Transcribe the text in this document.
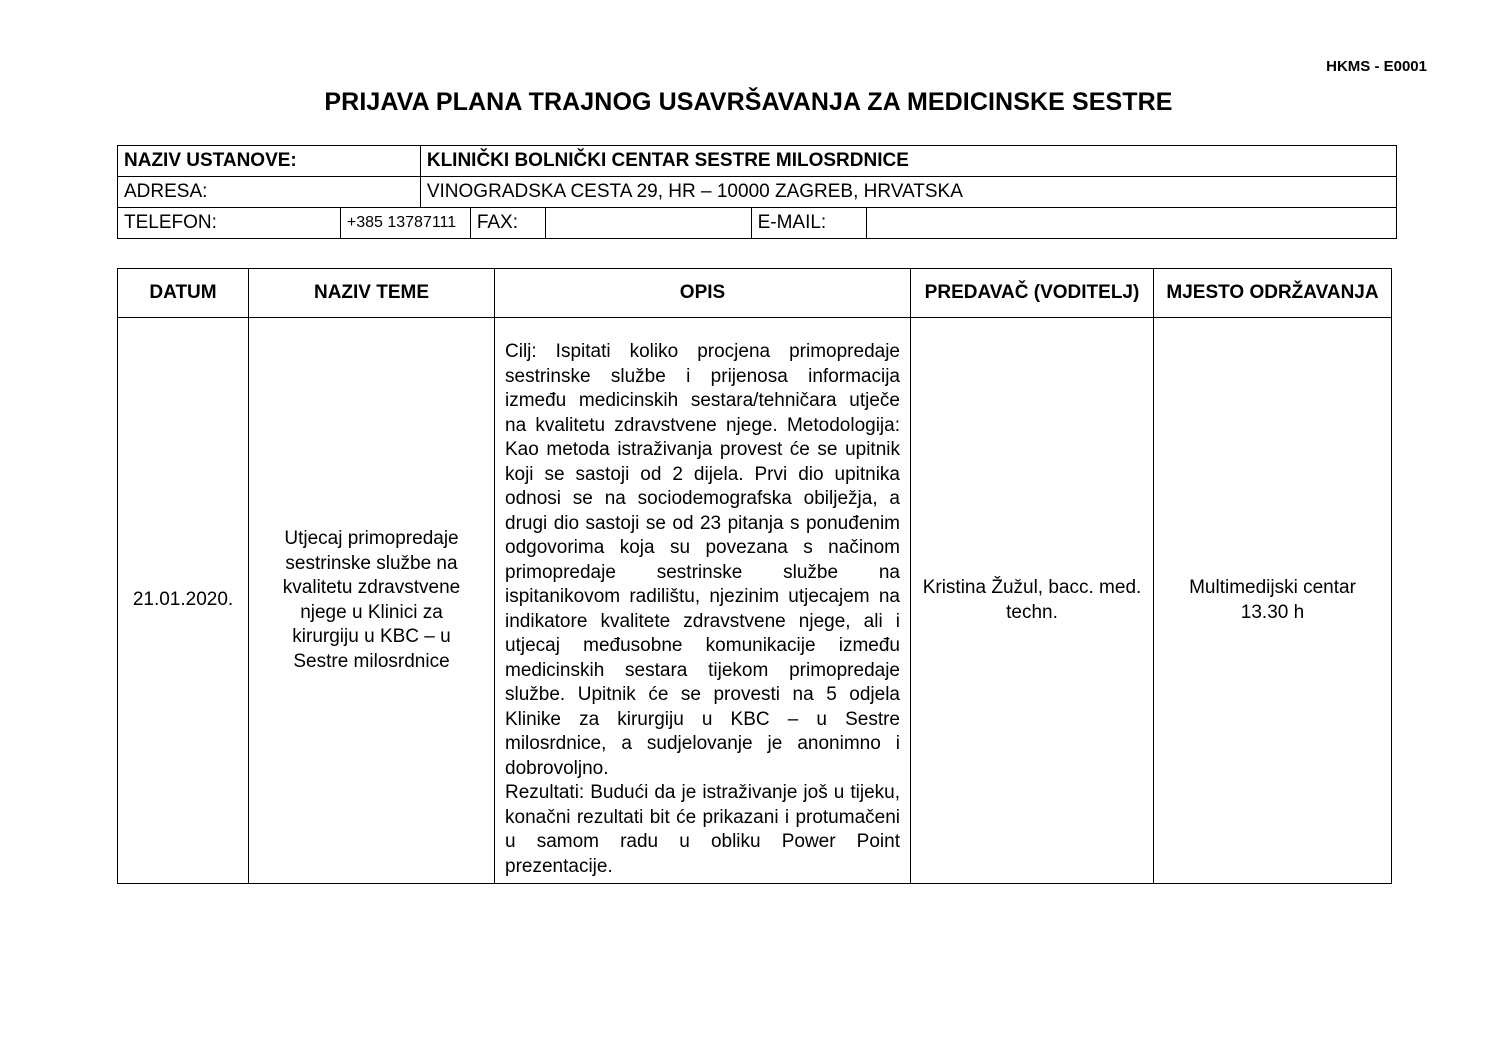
HKMS - E0001
PRIJAVA PLANA TRAJNOG USAVRŠAVANJA ZA MEDICINSKE SESTRE
NAZIV USTANOVE:		KLINIČKI BOLNIČKI CENTAR SESTRE MILOSRDNICE				
ADRESA:		VINOGRADSKA CESTA 29, HR – 10000 ZAGREB, HRVATSKA				
TELEFON:	+385 13787111		FAX:		E-MAIL:	
DATUM	NAZIV TEME	OPIS	PREDAVAČ (VODITELJ)	MJESTO ODRŽAVANJA
21.01.2020.	Utjecaj primopredaje sestrinske službe na kvalitetu zdravstvene njege u Klinici za kirurgiju u KBC – u Sestre milosrdnice	Cilj: Ispitati koliko procjena primopredaje sestrinske službe i prijenosa informacija između medicinskih sestara/tehničara utječe na kvalitetu zdravstvene njege. Metodologija: Kao metoda istraživanja provest će se upitnik koji se sastoji od 2 dijela. Prvi dio upitnika odnosi se na sociodemografska obilježja, a drugi dio sastoji se od 23 pitanja s ponuđenim odgovorima koja su povezana s načinom primopredaje sestrinske službe na ispitanikovom radilištu, njezinim utjecajem na indikatore kvalitete zdravstvene njege, ali i utjecaj međusobne komunikacije između medicinskih sestara tijekom primopredaje službe. Upitnik će se provesti na 5 odjela Klinike za kirurgiju u KBC – u Sestre milosrdnice, a sudjelovanje je anonimno i dobrovoljno.
Rezultati: Budući da je istraživanje još u tijeku, konačni rezultati bit će prikazani i protumačeni u samom radu u obliku Power Point prezentacije.	Kristina Žužul, bacc. med. techn.	Multimedijski centar
13.30 h
